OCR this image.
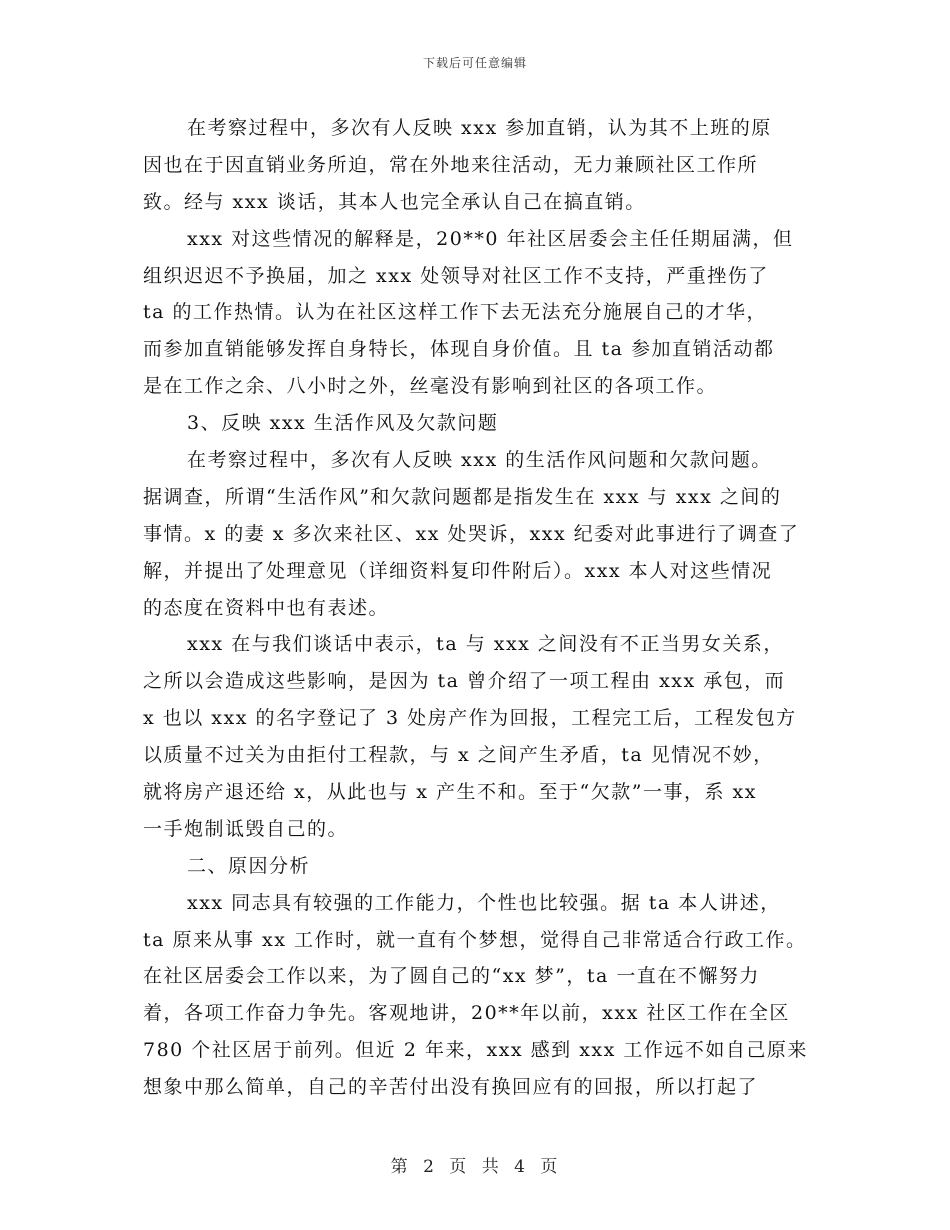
下载后可任意编辑
在考察过程中，多次有人反映 xxx 参加直销，认为其不上班的原
因也在于因直销业务所迫，常在外地来往活动，无力兼顾社区工作所
致。经与 xxx 谈话，其本人也完全承认自己在搞直销。
xxx 对这些情况的解释是，20**0 年社区居委会主任任期届满，但
组织迟迟不予换届，加之 xxx 处领导对社区工作不支持，严重挫伤了
ta 的工作热情。认为在社区这样工作下去无法充分施展自己的才华，
而参加直销能够发挥自身特长，体现自身价值。且 ta 参加直销活动都
是在工作之余、八小时之外，丝毫没有影响到社区的各项工作。
3、反映 xxx 生活作风及欠款问题
在考察过程中，多次有人反映 xxx 的生活作风问题和欠款问题。
据调查，所谓“生活作风”和欠款问题都是指发生在 xxx 与 xxx 之间的
事情。x 的妻 x 多次来社区、xx 处哭诉，xxx 纪委对此事进行了调查了
解，并提出了处理意见（详细资料复印件附后）。xxx 本人对这些情况
的态度在资料中也有表述。
xxx 在与我们谈话中表示，ta 与 xxx 之间没有不正当男女关系，
之所以会造成这些影响，是因为 ta 曾介绍了一项工程由 xxx 承包，而
x 也以 xxx 的名字登记了 3 处房产作为回报，工程完工后，工程发包方
以质量不过关为由拒付工程款，与 x 之间产生矛盾，ta 见情况不妙，
就将房产退还给 x，从此也与 x 产生不和。至于“欠款”一事，系 xx
一手炮制诋毁自己的。
二、原因分析
xxx 同志具有较强的工作能力，个性也比较强。据 ta 本人讲述，
ta 原来从事 xx 工作时，就一直有个梦想，觉得自己非常适合行政工作。
在社区居委会工作以来，为了圆自己的“xx 梦”，ta 一直在不懈努力
着，各项工作奋力争先。客观地讲，20**年以前，xxx 社区工作在全区
780 个社区居于前列。但近 2 年来，xxx 感到 xxx 工作远不如自己原来
想象中那么简单，自己的辛苦付出没有换回应有的回报，所以打起了
第 2 页 共 4 页
